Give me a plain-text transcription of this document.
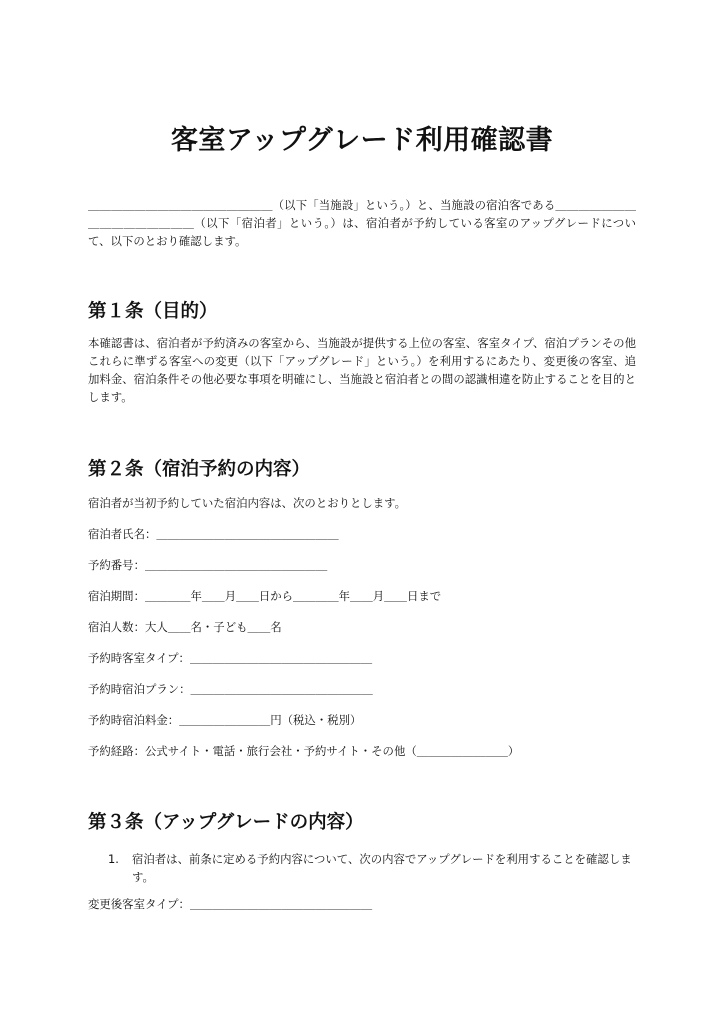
客室アップグレード利用確認書
＿＿＿＿＿＿＿＿＿＿＿＿＿＿＿＿（以下「当施設」という。）と、当施設の宿泊客である＿＿＿＿＿＿＿＿＿＿＿＿＿＿＿＿（以下「宿泊者」という。）は、宿泊者が予約している客室のアップグレードについて、以下のとおり確認します。
第１条（目的）
本確認書は、宿泊者が予約済みの客室から、当施設が提供する上位の客室、客室タイプ、宿泊プランその他これらに準ずる客室への変更（以下「アップグレード」という。）を利用するにあたり、変更後の客室、追加料金、宿泊条件その他必要な事項を明確にし、当施設と宿泊者との間の認識相違を防止することを目的とします。
第２条（宿泊予約の内容）
宿泊者が当初予約していた宿泊内容は、次のとおりとします。
宿泊者氏名：＿＿＿＿＿＿＿＿＿＿＿＿＿＿＿＿
予約番号：＿＿＿＿＿＿＿＿＿＿＿＿＿＿＿＿
宿泊期間：＿＿＿＿年＿＿月＿＿日から＿＿＿＿年＿＿月＿＿日まで
宿泊人数：大人＿＿名・子ども＿＿名
予約時客室タイプ：＿＿＿＿＿＿＿＿＿＿＿＿＿＿＿＿
予約時宿泊プラン：＿＿＿＿＿＿＿＿＿＿＿＿＿＿＿＿
予約時宿泊料金：＿＿＿＿＿＿＿＿円（税込・税別）
予約経路：公式サイト・電話・旅行会社・予約サイト・その他（＿＿＿＿＿＿＿＿）
第３条（アップグレードの内容）
1.	宿泊者は、前条に定める予約内容について、次の内容でアップグレードを利用することを確認します。
変更後客室タイプ：＿＿＿＿＿＿＿＿＿＿＿＿＿＿＿＿
